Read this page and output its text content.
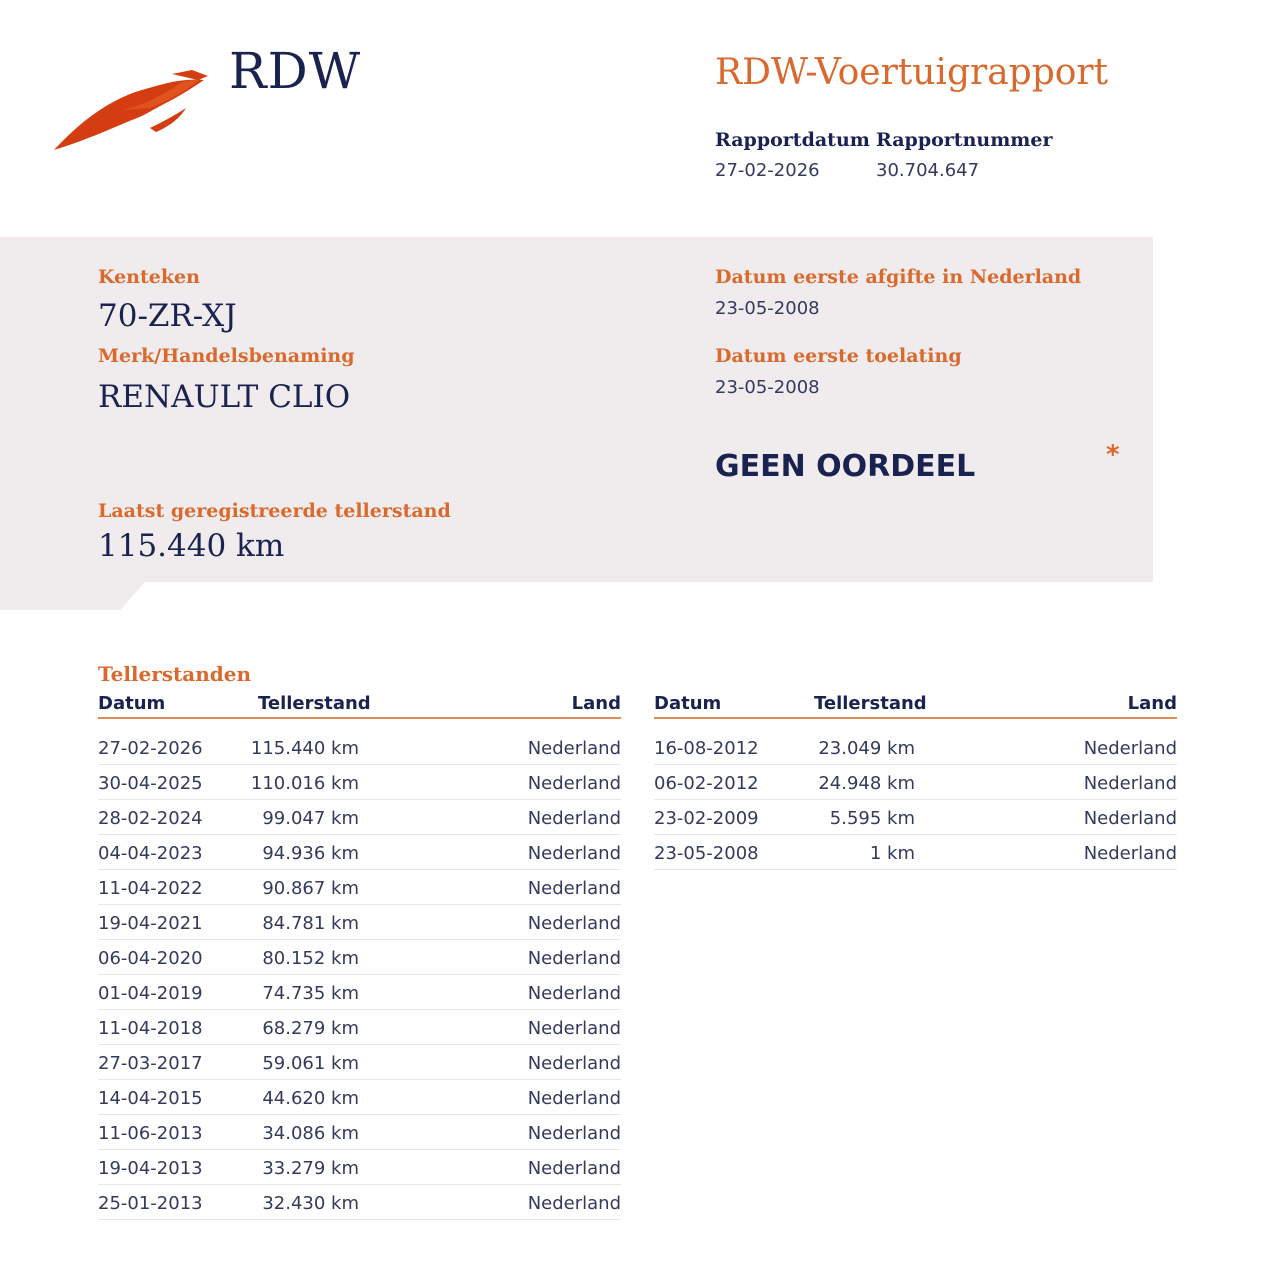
RDW	RDW-Voertuigrapport
Rapportdatum
27-02-2026
Rapportnummer
30.704.647
Kenteken
70-ZR-XJ
Merk/Handelsbenaming
RENAULT CLIO
Datum eerste afgifte in Nederland
23-05-2008
Datum eerste toelating
23-05-2008
GEEN OORDEEL	*
Laatst geregistreerde tellerstand
115.440 km
Tellerstanden
Datum	Tellerstand	Land
27-02-2026	115.440 km	Nederland
30-04-2025	110.016 km	Nederland
28-02-2024	99.047 km	Nederland
04-04-2023	94.936 km	Nederland
11-04-2022	90.867 km	Nederland
19-04-2021	84.781 km	Nederland
06-04-2020	80.152 km	Nederland
01-04-2019	74.735 km	Nederland
11-04-2018	68.279 km	Nederland
27-03-2017	59.061 km	Nederland
14-04-2015	44.620 km	Nederland
11-06-2013	34.086 km	Nederland
19-04-2013	33.279 km	Nederland
25-01-2013	32.430 km	Nederland
Datum	Tellerstand	Land
16-08-2012	23.049 km	Nederland
06-02-2012	24.948 km	Nederland
23-02-2009	5.595 km	Nederland
23-05-2008	1 km	Nederland
